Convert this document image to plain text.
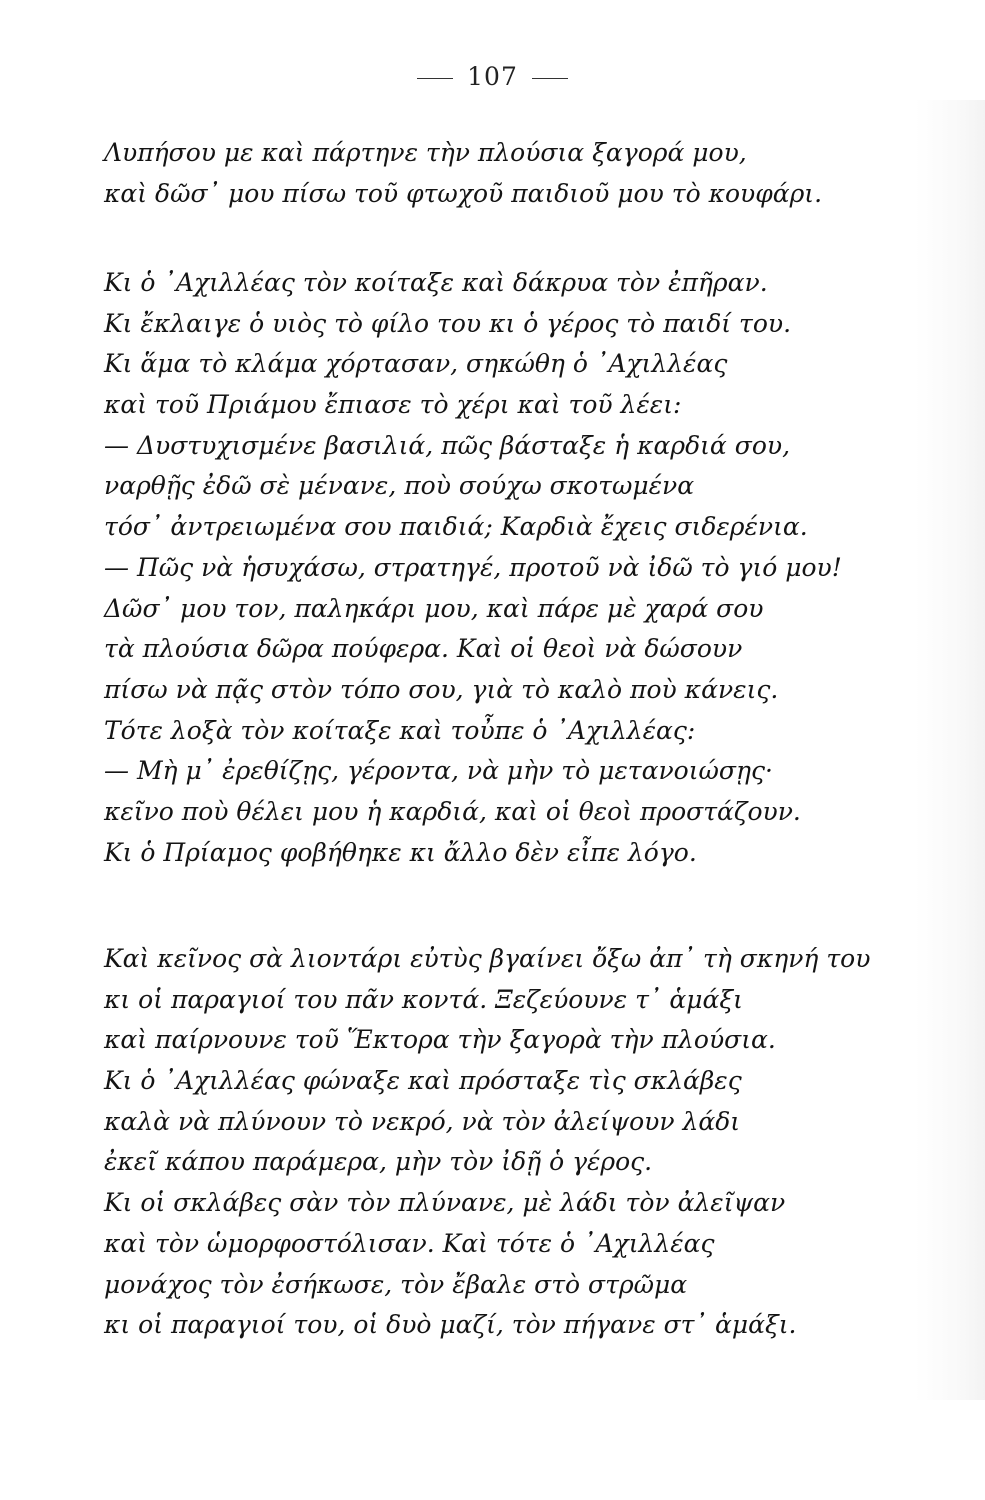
107
Λυπήσου με καὶ πάρτηνε τὴν πλούσια ξαγορά μου,
καὶ δῶσ᾽ μου πίσω τοῦ φτωχοῦ παιδιοῦ μου τὸ κουφάρι.
Κι ὁ ᾿Αχιλλέας τὸν κοίταξε καὶ δάκρυα τὸν ἐπῆραν.
Κι ἔκλαιγε ὁ υιὸς τὸ φίλο του κι ὁ γέρος τὸ παιδί του.
Κι ἅμα τὸ κλάμα χόρτασαν, σηκώθη ὁ ᾿Αχιλλέας
καὶ τοῦ Πριάμου ἔπιασε τὸ χέρι καὶ τοῦ λέει:
— Δυστυχισμένε βασιλιά, πῶς βάσταξε ἡ καρδιά σου,
ναρθῇς ἐδῶ σὲ μένανε, ποὺ σούχω σκοτωμένα
τόσ᾽ ἀντρειωμένα σου παιδιά; Καρδιὰ ἔχεις σιδερένια.
— Πῶς νὰ ἡσυχάσω, στρατηγέ, προτοῦ νὰ ἰδῶ τὸ γιό μου!
Δῶσ᾽ μου τον, παληκάρι μου, καὶ πάρε μὲ χαρά σου
τὰ πλούσια δῶρα πούφερα. Καὶ οἱ θεοὶ νὰ δώσουν
πίσω νὰ πᾷς στὸν τόπο σου, γιὰ τὸ καλὸ ποὺ κάνεις.
Τότε λοξὰ τὸν κοίταξε καὶ τοὖπε ὁ ᾿Αχιλλέας:
— Μὴ μ᾽ ἐρεθίζῃς, γέροντα, νὰ μὴν τὸ μετανοιώσῃς·
κεῖνο ποὺ θέλει μου ἡ καρδιά, καὶ οἱ θεοὶ προστάζουν.
Κι ὁ Πρίαμος φοβήθηκε κι ἄλλο δὲν εἶπε λόγο.
Καὶ κεῖνος σὰ λιοντάρι εὐτὺς βγαίνει ὄξω ἀπ᾽ τὴ σκηνή του
κι οἱ παραγιοί του πᾶν κοντά. Ξεζεύουνε τ᾽ ἁμάξι
καὶ παίρνουνε τοῦ Ἕκτορα τὴν ξαγορὰ τὴν πλούσια.
Κι ὁ ᾿Αχιλλέας φώναξε καὶ πρόσταξε τὶς σκλάβες
καλὰ νὰ πλύνουν τὸ νεκρό, νὰ τὸν ἀλείψουν λάδι
ἐκεῖ κάπου παράμερα, μὴν τὸν ἰδῇ ὁ γέρος.
Κι οἱ σκλάβες σὰν τὸν πλύνανε, μὲ λάδι τὸν ἀλεῖψαν
καὶ τὸν ὡμορφοστόλισαν. Καὶ τότε ὁ ᾿Αχιλλέας
μονάχος τὸν ἐσήκωσε, τὸν ἔβαλε στὸ στρῶμα
κι οἱ παραγιοί του, οἱ δυὸ μαζί, τὸν πήγανε στ᾽ ἁμάξι.
